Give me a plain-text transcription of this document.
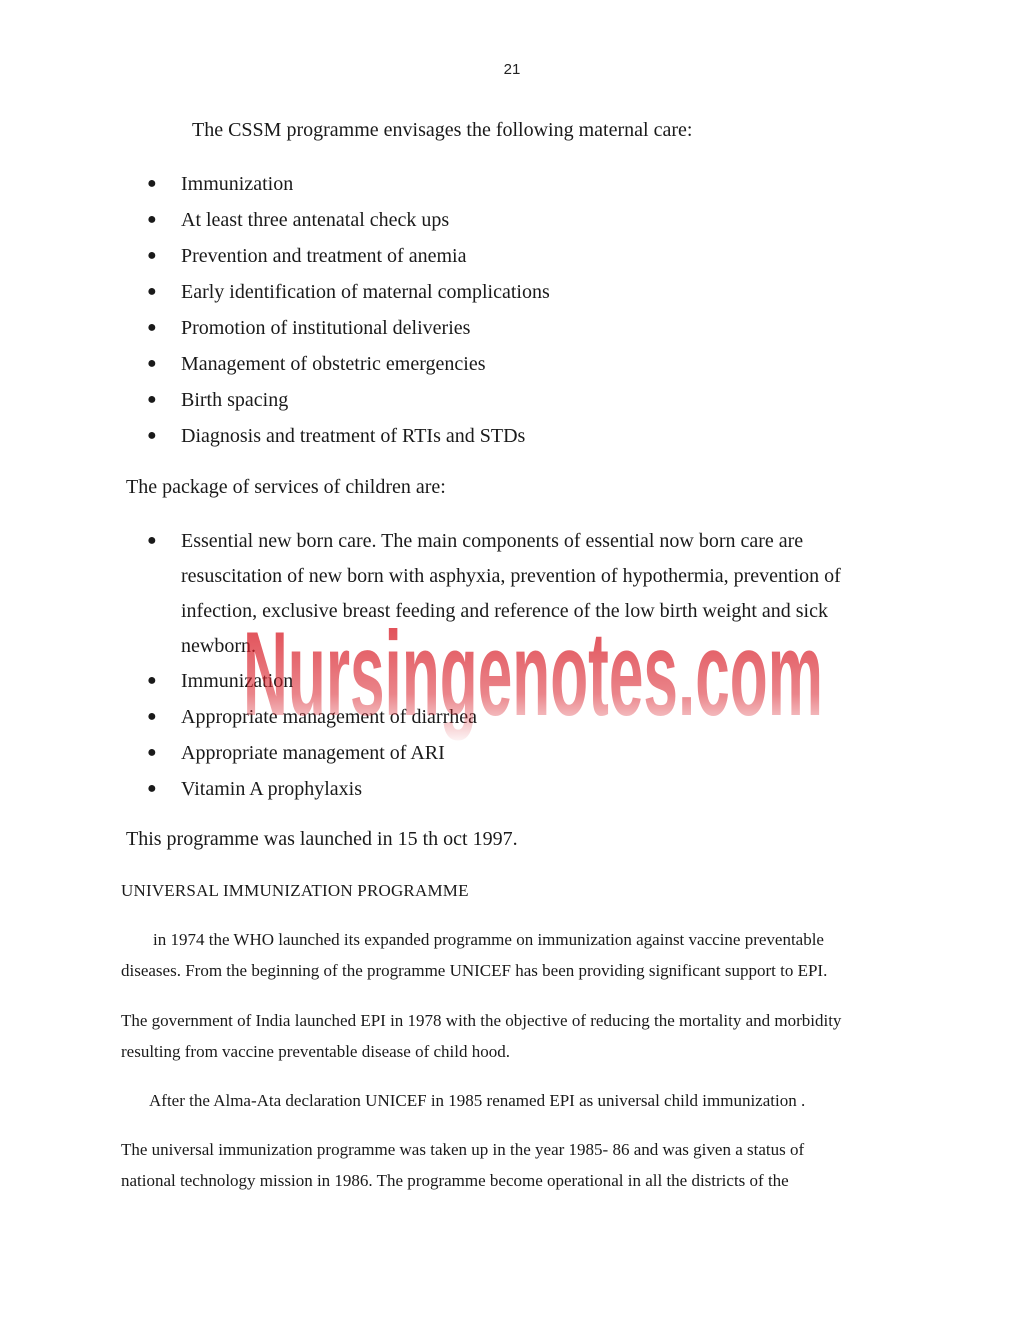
21

The CSSM programme envisages the following maternal care:

● Immunization
● At least three antenatal check ups
● Prevention and treatment of anemia
● Early identification of maternal complications
● Promotion of institutional deliveries
● Management of obstetric emergencies
● Birth spacing
● Diagnosis and treatment of RTIs and STDs

The package of services of children are:

● Essential new born care. The main components of essential now born care are
resuscitation of new born with asphyxia, prevention of hypothermia, prevention of
infection, exclusive breast feeding and reference of the low birth weight and sick
newborn.
● Immunization
● Appropriate management of diarrhea
● Appropriate management of ARI
● Vitamin A prophylaxis

This programme was launched in 15 th oct 1997.

UNIVERSAL IMMUNIZATION PROGRAMME

in 1974 the WHO launched its expanded programme on immunization against vaccine preventable

diseases. From the beginning of the programme UNICEF has been providing significant support to EPI.

The government of India launched EPI in 1978 with the objective of reducing the mortality and morbidity

resulting from vaccine preventable disease of child hood.

After the Alma-Ata declaration UNICEF in 1985 renamed EPI as universal child immunization .

The universal immunization programme was taken up in the year 1985- 86 and was given a status of

national technology mission in 1986. The programme become operational in all the districts of the

Nursingenotes.com
